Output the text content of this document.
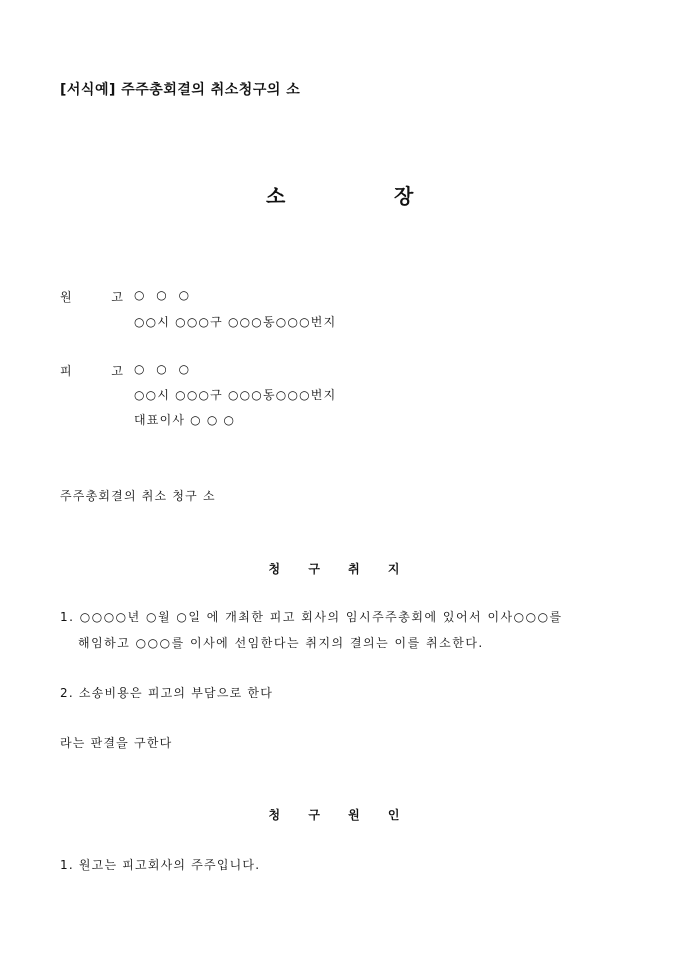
[서식예] 주주총회결의 취소청구의 소
소	장
원 고
○ ○ ○
○○시 ○○○구 ○○○동○○○번지
피 고
○ ○ ○
○○시 ○○○구 ○○○동○○○번지
대표이사 ○ ○ ○
주주총회결의 취소 청구 소
청 구 취 지
1. ○○○○년 ○월 ○일 에 개최한 피고 회사의 임시주주총회에 있어서 이사○○○를
해임하고 ○○○를 이사에 선임한다는 취지의 결의는 이를 취소한다.
2. 소송비용은 피고의 부담으로 한다
라는 판결을 구한다
청 구 원 인
1. 원고는 피고회사의 주주입니다.
